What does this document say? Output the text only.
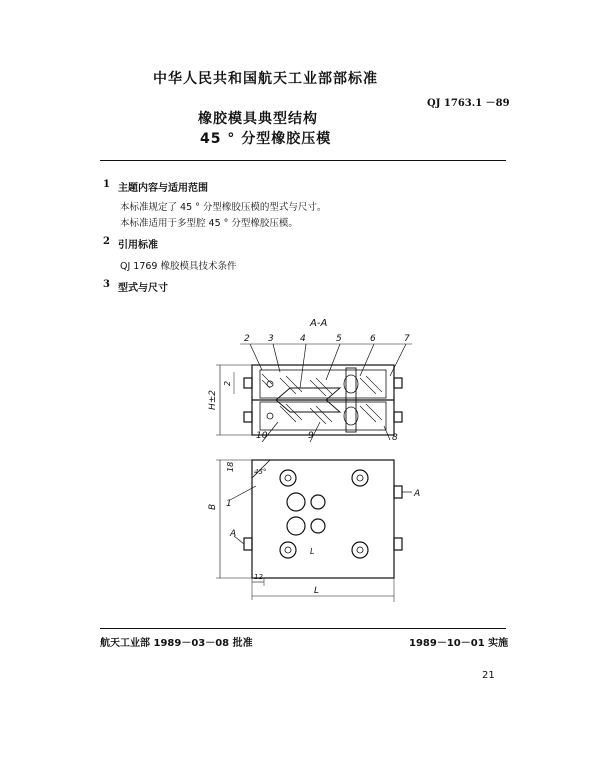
中华人民共和国航天工业部部标准
QJ 1763.1 －89
橡胶模具典型结构
45 ° 分型橡胶压模
1 主题内容与适用范围
本标准规定了 45 ° 分型橡胶压模的型式与尺寸。
本标准适用于多型腔 45 ° 分型橡胶压模。
2 引用标准
QJ 1769 橡胶模具技术条件
3 型式与尺寸
A-A
2 3	4	5	6	7
10	9	8
H±2
2
A
A
L
1
B
18	45°
L
12
航天工业部 1989－03－08 批准	1989－10－01 实施
21
